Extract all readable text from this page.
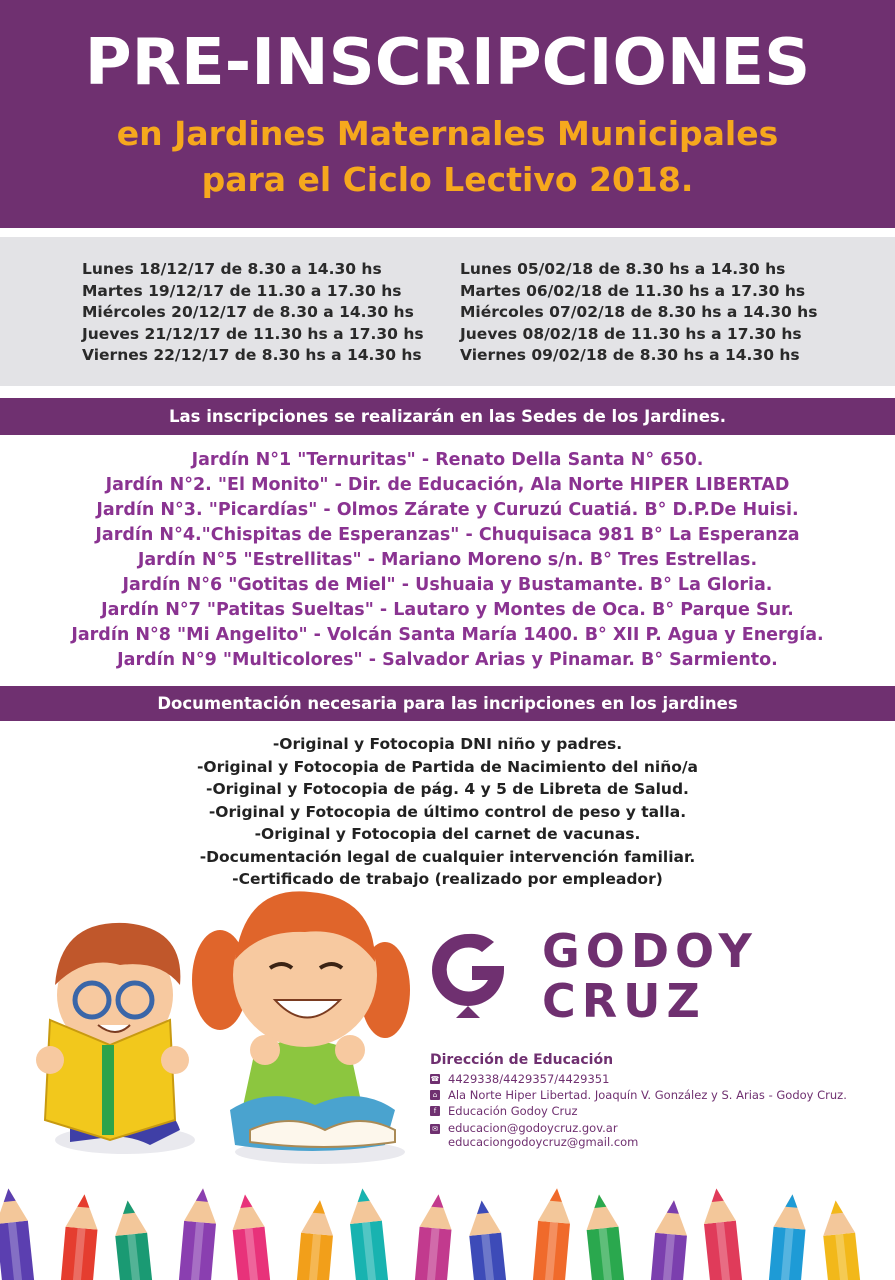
PRE-INSCRIPCIONES
en Jardines Maternales Municipales
para el Ciclo Lectivo 2018.
Lunes 18/12/17 de 8.30 a 14.30 hs
Martes 19/12/17 de 11.30 a 17.30 hs
Miércoles 20/12/17 de 8.30 a 14.30 hs
Jueves 21/12/17 de 11.30 hs a 17.30 hs
Viernes 22/12/17 de 8.30 hs a 14.30 hs
Lunes 05/02/18 de 8.30 hs a 14.30 hs
Martes 06/02/18 de 11.30 hs a 17.30 hs
Miércoles 07/02/18 de 8.30 hs a 14.30 hs
Jueves 08/02/18 de 11.30 hs a 17.30 hs
Viernes 09/02/18 de 8.30 hs a 14.30 hs
Las inscripciones se realizarán en las Sedes de los Jardines.
Jardín N°1 "Ternuritas" - Renato Della Santa N° 650.
Jardín N°2. "El Monito" - Dir. de Educación, Ala Norte HIPER LIBERTAD
Jardín N°3. "Picardías" - Olmos Zárate y Curuzú Cuatiá. B° D.P.De Huisi.
Jardín N°4."Chispitas de Esperanzas" - Chuquisaca 981 B° La Esperanza
Jardín N°5 "Estrellitas" - Mariano Moreno s/n. B° Tres Estrellas.
Jardín N°6 "Gotitas de Miel" - Ushuaia y Bustamante. B° La Gloria.
Jardín N°7 "Patitas Sueltas" - Lautaro y Montes de Oca. B° Parque Sur.
Jardín N°8 "Mi Angelito" - Volcán Santa María 1400. B° XII P. Agua y Energía.
Jardín N°9 "Multicolores" - Salvador Arias y Pinamar. B° Sarmiento.
Documentación necesaria para las incripciones en los jardines
-Original y Fotocopia DNI niño y padres.
-Original y Fotocopia de Partida de Nacimiento del niño/a
-Original y Fotocopia de pág. 4 y 5 de Libreta de Salud.
-Original y Fotocopia de último control de peso y talla.
-Original y Fotocopia del carnet de vacunas.
-Documentación legal de cualquier intervención familiar.
-Certificado de trabajo (realizado por empleador)
GODOY
CRUZ
Dirección de Educación
☎ 4429338/4429357/4429351
⌂ Ala Norte Hiper Libertad. Joaquín V. González y S. Arias - Godoy Cruz.
f	Educación Godoy Cruz
✉ educacion@godoycruz.gov.ar
educaciongodoycruz@gmail.com
